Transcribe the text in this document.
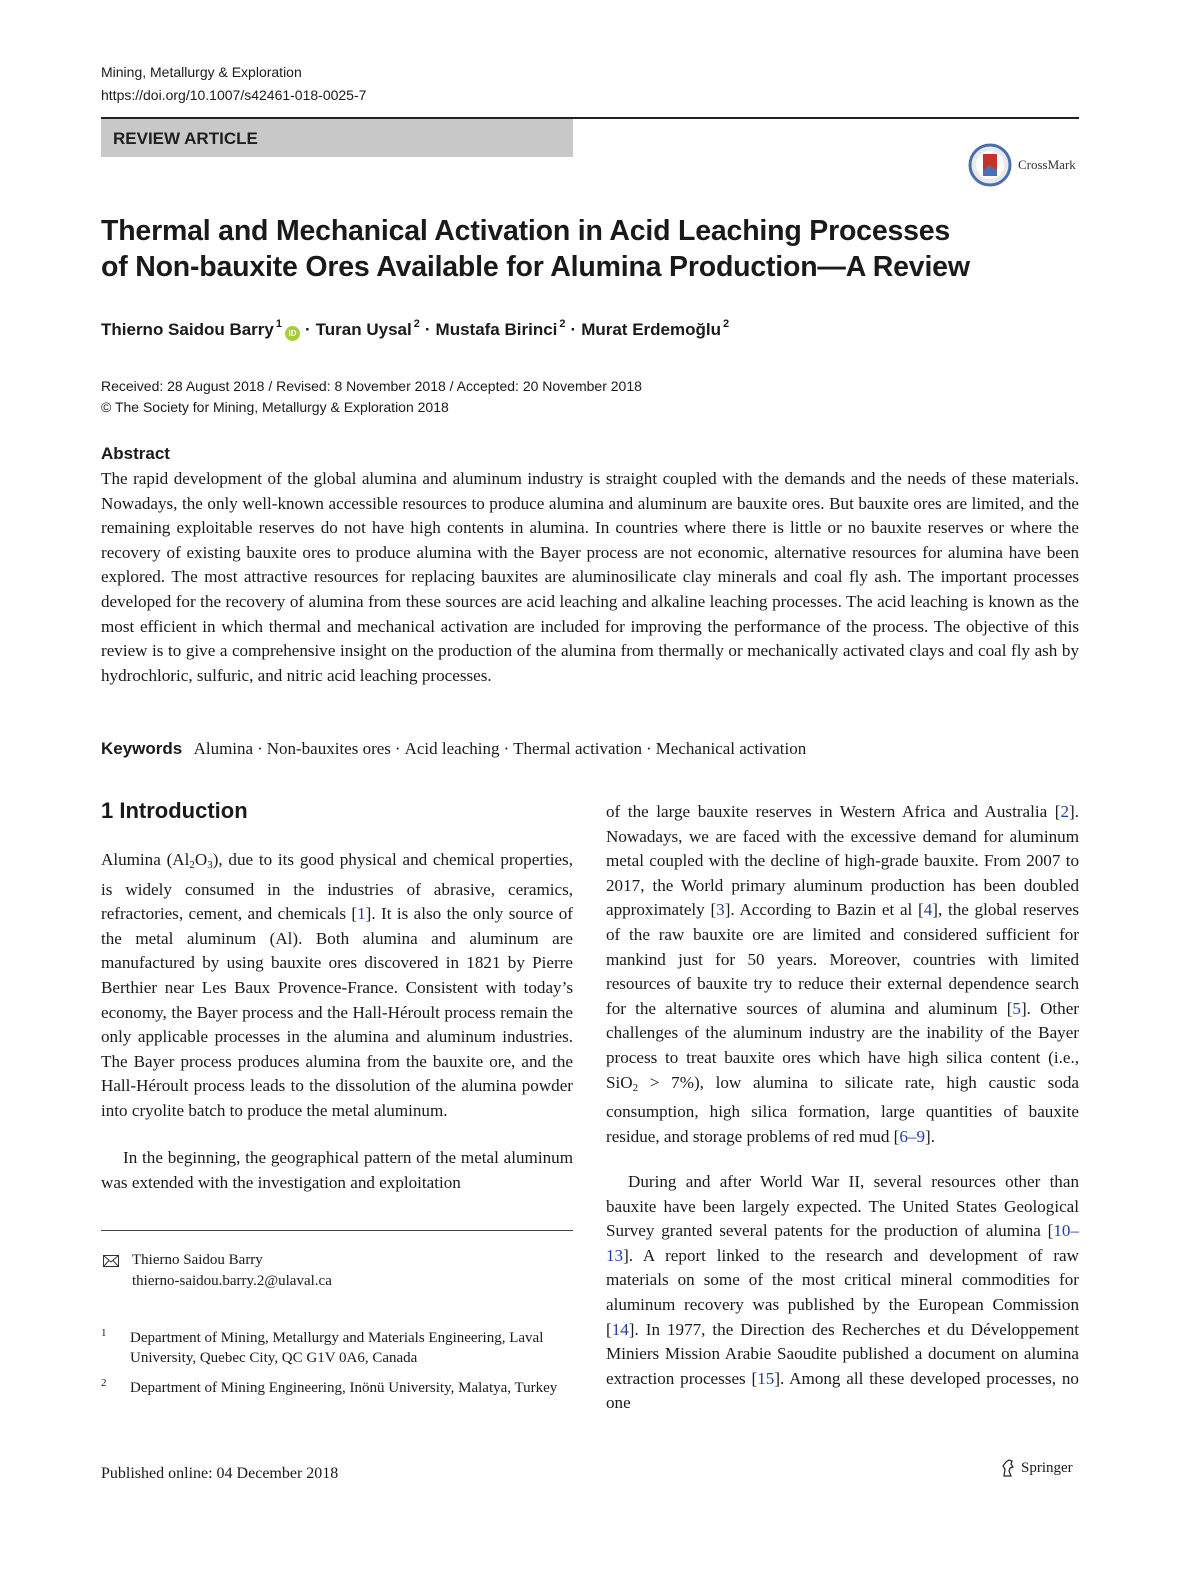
Mining, Metallurgy & Exploration
https://doi.org/10.1007/s42461-018-0025-7
REVIEW ARTICLE
CrossMark
Thermal and Mechanical Activation in Acid Leaching Processes
of Non-bauxite Ores Available for Alumina Production—A Review
Thierno Saidou Barry $^1$iD · Turan Uysal $^2$ · Mustafa Birinci $^2$ · Murat Erdemoğlu $^2$
Received: 28 August 2018 / Revised: 8 November 2018 / Accepted: 20 November 2018
© The Society for Mining, Metallurgy & Exploration 2018
Abstract
The rapid development of the global alumina and aluminum industry is straight coupled with the demands and the needs of these materials. Nowadays, the only well-known accessible resources to produce alumina and aluminum are bauxite ores. But bauxite ores are limited, and the remaining exploitable reserves do not have high contents in alumina. In countries where there is little or no bauxite reserves or where the recovery of existing bauxite ores to produce alumina with the Bayer process are not economic, alternative resources for alumina have been explored. The most attractive resources for replacing bauxites are aluminosilicate clay minerals and coal fly ash. The important processes developed for the recovery of alumina from these sources are acid leaching and alkaline leaching processes. The acid leaching is known as the most efficient in which thermal and mechanical activation are included for improving the performance of the process. The objective of this review is to give a comprehensive insight on the production of the alumina from thermally or mechanically activated clays and coal fly ash by hydrochloric, sulfuric, and nitric acid leaching processes.
Keywords Alumina · Non-bauxites ores · Acid leaching · Thermal activation · Mechanical activation
1 Introduction
Alumina $(Al_2O_3)$, due to its good physical and chemical properties, is widely consumed in the industries of abrasive, ceramics, refractories, cement, and chemicals [1]. It is also the only source of the metal aluminum (Al). Both alumina and aluminum are manufactured by using bauxite ores discovered in 1821 by Pierre Berthier near Les Baux Provence-France. Consistent with today’s economy, the Bayer process and the Hall-Héroult process remain the only applicable processes in the alumina and aluminum industries. The Bayer process produces alumina from the bauxite ore, and the Hall-Héroult process leads to the dissolution of the alumina powder into cryolite batch to produce the metal aluminum.
In the beginning, the geographical pattern of the metal aluminum was extended with the investigation and exploitation
of the large bauxite reserves in Western Africa and Australia [2]. Nowadays, we are faced with the excessive demand for aluminum metal coupled with the decline of high-grade bauxite. From 2007 to 2017, the World primary aluminum production has been doubled approximately [3]. According to Bazin et al [4], the global reserves of the raw bauxite ore are limited and considered sufficient for mankind just for 50 years. Moreover, countries with limited resources of bauxite try to reduce their external dependence search for the alternative sources of alumina and aluminum [5]. Other challenges of the aluminum industry are the inability of the Bayer process to treat bauxite ores which have high silica content (i.e., SiO$_2$ > 7%), low alumina to silicate rate, high caustic soda consumption, high silica formation, large quantities of bauxite residue, and storage problems of red mud [6–9].
During and after World War II, several resources other than bauxite have been largely expected. The United States Geological Survey granted several patents for the production of alumina [10–13]. A report linked to the research and development of raw materials on some of the most critical mineral commodities for aluminum recovery was published by the European Commission [14]. In 1977, the Direction des Recherches et du Développement Miniers Mission Arabie Saoudite published a document on alumina extraction processes [15]. Among all these developed processes, no one
Thierno Saidou Barry
thierno-saidou.barry.2@ulaval.ca
1 Department of Mining, Metallurgy and Materials Engineering, Laval University, Quebec City, QC G1V 0A6, Canada
2 Department of Mining Engineering, Inönü University, Malatya, Turkey
Published online: 04 December 2018	Springer
